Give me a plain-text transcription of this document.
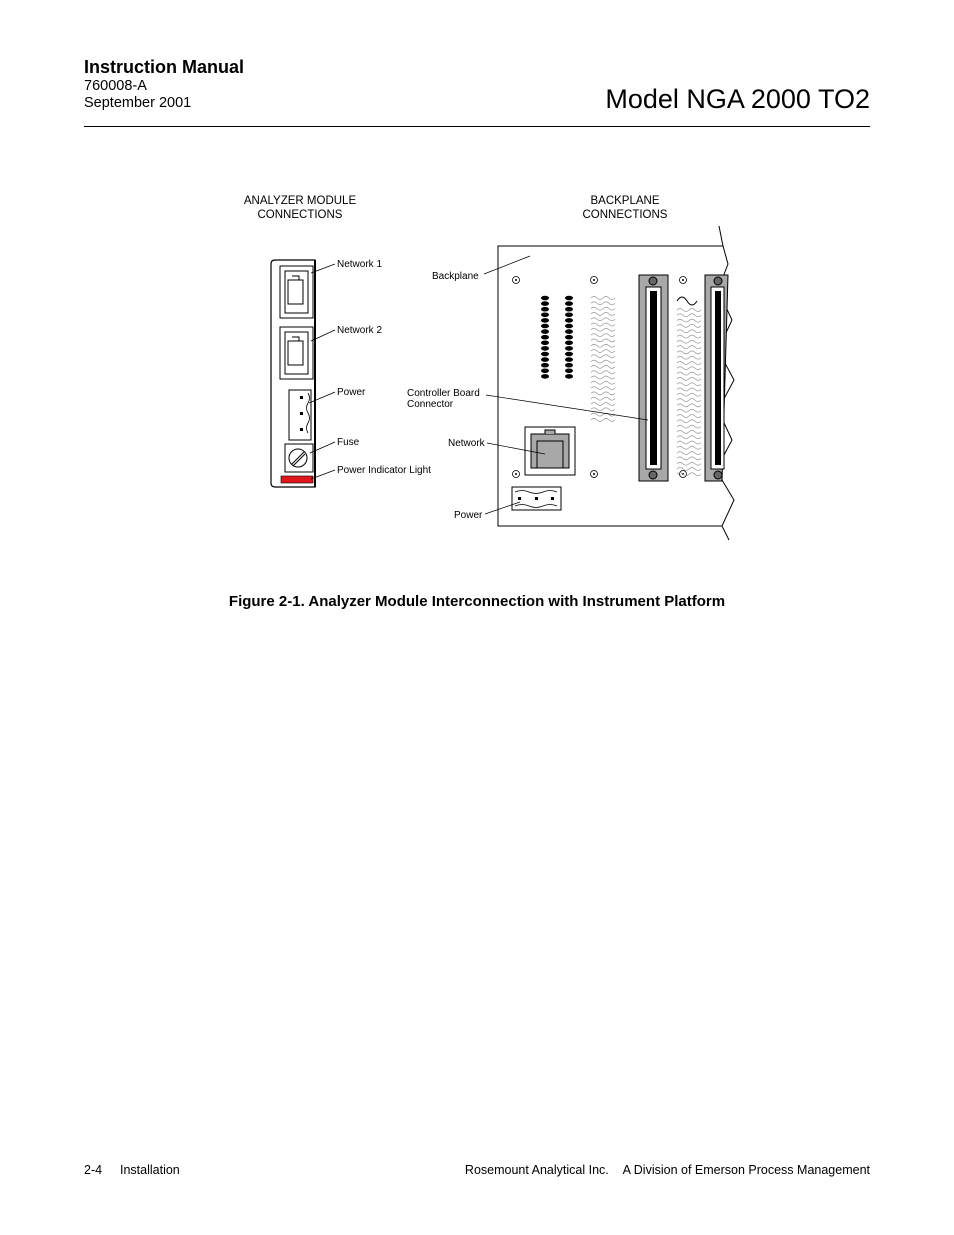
Instruction Manual
760008-A
September 2001	Model NGA 2000 TO2
ANALYZER MODULE
CONNECTIONS
BACKPLANE
CONNECTIONS
Network 1
Network 2
Power
Fuse
Power Indicator Light
Backplane
Controller Board
Connector
Network
Power
Figure 2-1. Analyzer Module Interconnection with Instrument Platform
2-4 Installation	Rosemount Analytical Inc. A Division of Emerson Process Management
